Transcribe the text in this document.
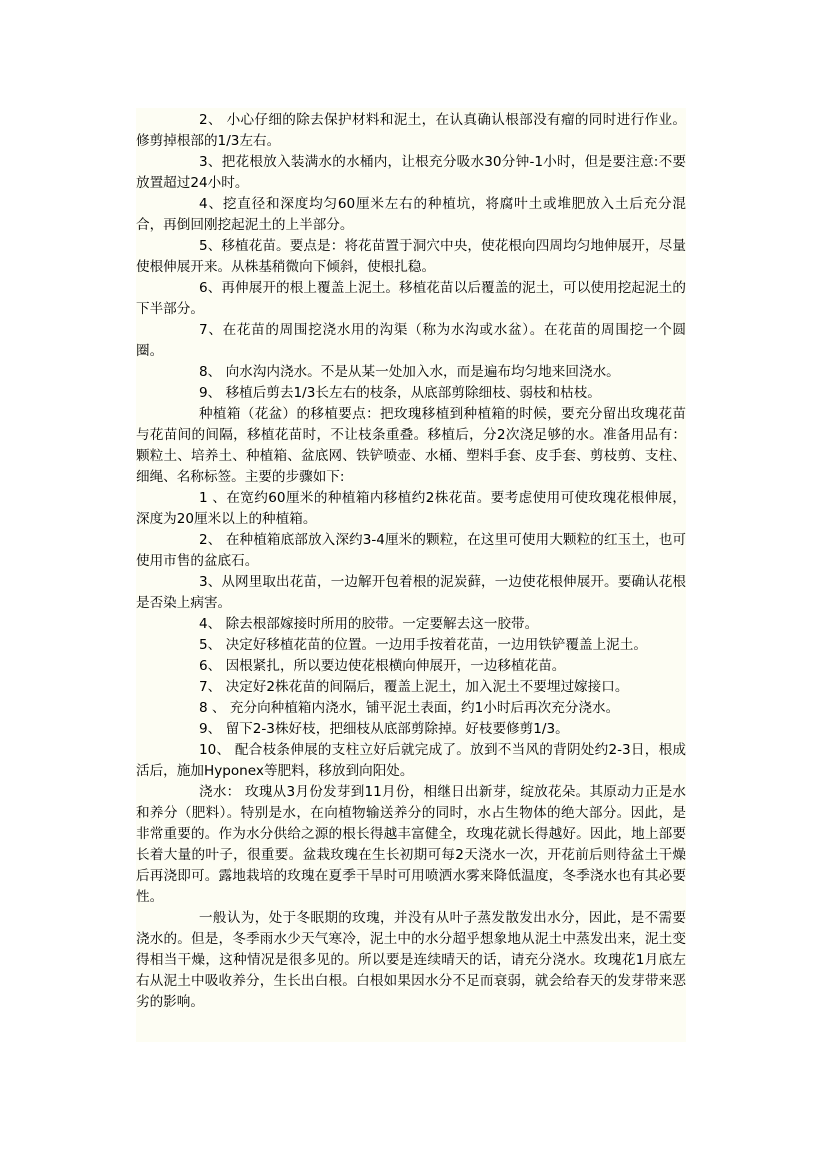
2、 小心仔细的除去保护材料和泥土，在认真确认根部没有瘤的同时进行作业。修剪掉根部的1/3左右。

3、把花根放入装满水的水桶内，让根充分吸水30分钟-1小时，但是要注意:不要放置超过24小时。

4、挖直径和深度均匀60厘米左右的种植坑，将腐叶土或堆肥放入土后充分混合，再倒回刚挖起泥土的上半部分。

5、移植花苗。要点是：将花苗置于洞穴中央，使花根向四周均匀地伸展开，尽量使根伸展开来。从株基稍微向下倾斜，使根扎稳。

6、再伸展开的根上覆盖上泥土。移植花苗以后覆盖的泥土，可以使用挖起泥土的下半部分。

7、在花苗的周围挖浇水用的沟渠（称为水沟或水盆）。在花苗的周围挖一个圆圈。

8、 向水沟内浇水。不是从某一处加入水，而是遍布均匀地来回浇水。

9、 移植后剪去1/3长左右的枝条，从底部剪除细枝、弱枝和枯枝。

种植箱（花盆）的移植要点：把玫瑰移植到种植箱的时候，要充分留出玫瑰花苗与花苗间的间隔，移植花苗时，不让枝条重叠。移植后，分2次浇足够的水。准备用品有：颗粒土、培养土、种植箱、盆底网、铁铲喷壶、水桶、塑料手套、皮手套、剪枝剪、支柱、细绳、名称标签。主要的步骤如下:

1 、在宽约60厘米的种植箱内移植约2株花苗。要考虑使用可使玫瑰花根伸展，深度为20厘米以上的种植箱。

2、 在种植箱底部放入深约3-4厘米的颗粒，在这里可使用大颗粒的红玉土，也可使用市售的盆底石。

3、从网里取出花苗，一边解开包着根的泥炭藓，一边使花根伸展开。要确认花根是否染上病害。

4、 除去根部嫁接时所用的胶带。一定要解去这一胶带。

5、 决定好移植花苗的位置。一边用手按着花苗，一边用铁铲覆盖上泥土。

6、 因根紧扎，所以要边使花根横向伸展开，一边移植花苗。

7、 决定好2株花苗的间隔后，覆盖上泥土，加入泥土不要埋过嫁接口。

8 、 充分向种植箱内浇水，铺平泥土表面，约1小时后再次充分浇水。

9、 留下2-3株好枝，把细枝从底部剪除掉。好枝要修剪1/3。

10、 配合枝条伸展的支柱立好后就完成了。放到不当风的背阴处约2-3日，根成活后，施加Hyponex等肥料，移放到向阳处。

浇水： 玫瑰从3月份发芽到11月份，相继日出新芽，绽放花朵。其原动力正是水和养分（肥料）。特别是水，在向植物输送养分的同时，水占生物体的绝大部分。因此，是非常重要的。作为水分供给之源的根长得越丰富健全，玫瑰花就长得越好。因此，地上部要长着大量的叶子，很重要。盆栽玫瑰在生长初期可每2天浇水一次，开花前后则待盆土干燥后再浇即可。露地栽培的玫瑰在夏季干旱时可用喷洒水雾来降低温度，冬季浇水也有其必要性。

一般认为，处于冬眠期的玫瑰，并没有从叶子蒸发散发出水分，因此，是不需要浇水的。但是，冬季雨水少天气寒冷，泥土中的水分超乎想象地从泥土中蒸发出来，泥土变得相当干燥，这种情况是很多见的。所以要是连续晴天的话，请充分浇水。玫瑰花1月底左右从泥土中吸收养分，生长出白根。白根如果因水分不足而衰弱，就会给春天的发芽带来恶劣的影响。
